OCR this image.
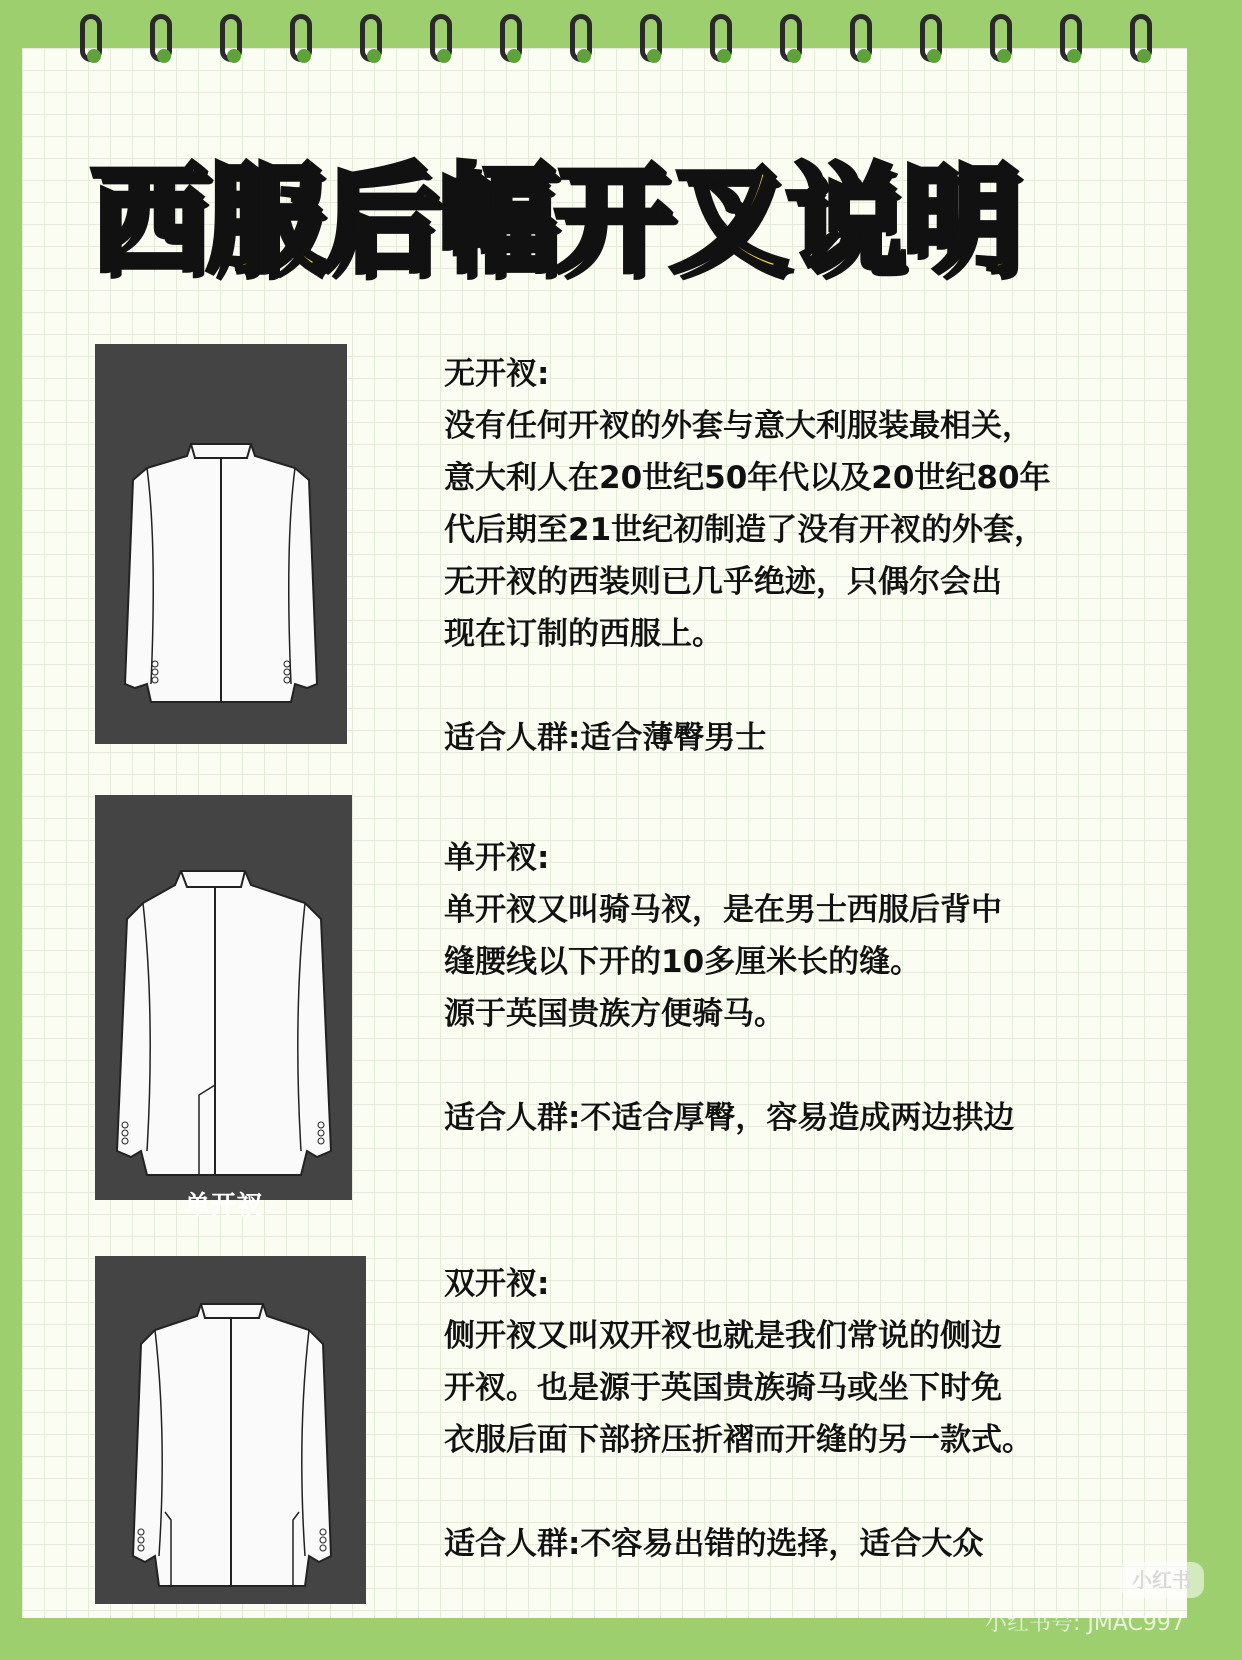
西服后幅开叉说明

无开衩:

没有任何开衩的外套与意大利服装最相关，

意大利人在20世纪50年代以及20世纪80年

代后期至21世纪初制造了没有开衩的外套，

无开衩的西装则已几乎绝迹，只偶尔会出

现在订制的西服上。

适合人群:适合薄臀男士

单开衩

单开衩:

单开衩又叫骑马衩，是在男士西服后背中

缝腰线以下开的10多厘米长的缝。

源于英国贵族方便骑马。

适合人群:不适合厚臀，容易造成两边拱边

双开衩:

侧开衩又叫双开衩也就是我们常说的侧边

开衩。也是源于英国贵族骑马或坐下时免

衣服后面下部挤压折褶而开缝的另一款式。

适合人群:不容易出错的选择，适合大众

小红书
小红书号: JMAC997
